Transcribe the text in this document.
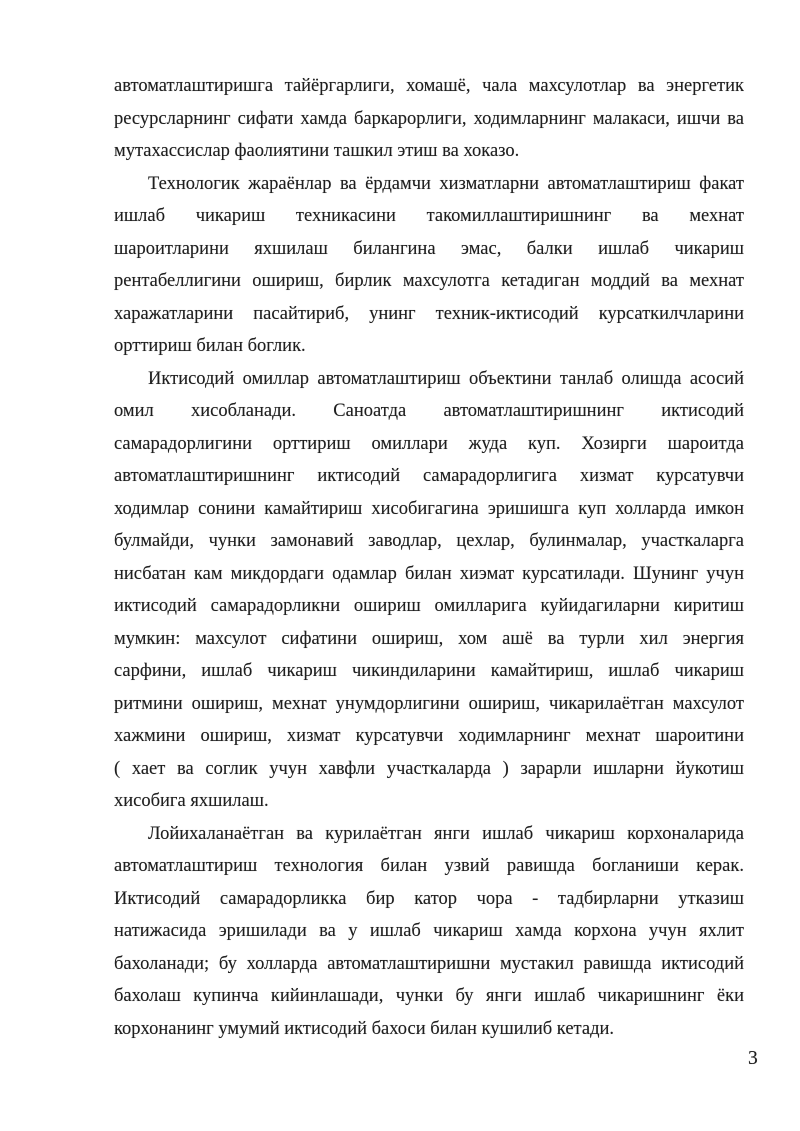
автоматлаштиришга тайёргарлиги, хомашё, чала махсулотлар ва энергетик
ресурсларнинг сифати хамда баркарорлиги, ходимларнинг малакаси, ишчи ва
мутахассислар фаолиятини ташкил этиш ва хоказо.
Технологик жараёнлар ва ёрдамчи хизматларни автоматлаштириш факат
ишлаб чикариш техникасини такомиллаштиришнинг ва мехнат
шароитларини яхшилаш билангина эмас, балки ишлаб чикариш
рентабеллигини ошириш, бирлик махсулотга кетадиган моддий ва мехнат
харажатларини пасайтириб, унинг техник-иктисодий курсаткилчларини
орттириш билан боглик.
Иктисодий омиллар автоматлаштириш объектини танлаб олишда асосий
омил хисобланади. Саноатда автоматлаштиришнинг иктисодий
самарадорлигини орттириш омиллари жуда куп. Хозирги шароитда
автоматлаштиришнинг иктисодий самарадорлигига хизмат курсатувчи
ходимлар сонини камайтириш хисобигагина эришишга куп холларда имкон
булмайди, чунки замонавий заводлар, цехлар, булинмалар, участкаларга
нисбатан кам микдордаги одамлар билан хиэмат курсатилади. Шунинг учун
иктисодий самарадорликни ошириш омилларига куйидагиларни киритиш
мумкин: махсулот сифатини ошириш, хом ашё ва турли хил энергия
сарфини, ишлаб чикариш чикиндиларини камайтириш, ишлаб чикариш
ритмини ошириш, мехнат унумдорлигини ошириш, чикарилаётган махсулот
хажмини ошириш, хизмат курсатувчи ходимларнинг мехнат шароитини
( хает ва соглик учун хавфли участкаларда ) зарарли ишларни йукотиш
хисобига яхшилаш.
Лойихаланаётган ва курилаётган янги ишлаб чикариш корхоналарида
автоматлаштириш технология билан узвий равишда богланиши керак.
Иктисодий самарадорликка бир катор чора - тадбирларни утказиш
натижасида эришилади ва у ишлаб чикариш хамда корхона учун яхлит
бахоланади; бу холларда автоматлаштиришни мустакил равишда иктисодий
бахолаш купинча кийинлашади, чунки бу янги ишлаб чикаришнинг ёки
корхонанинг умумий иктисодий бахоси билан кушилиб кетади.
3
